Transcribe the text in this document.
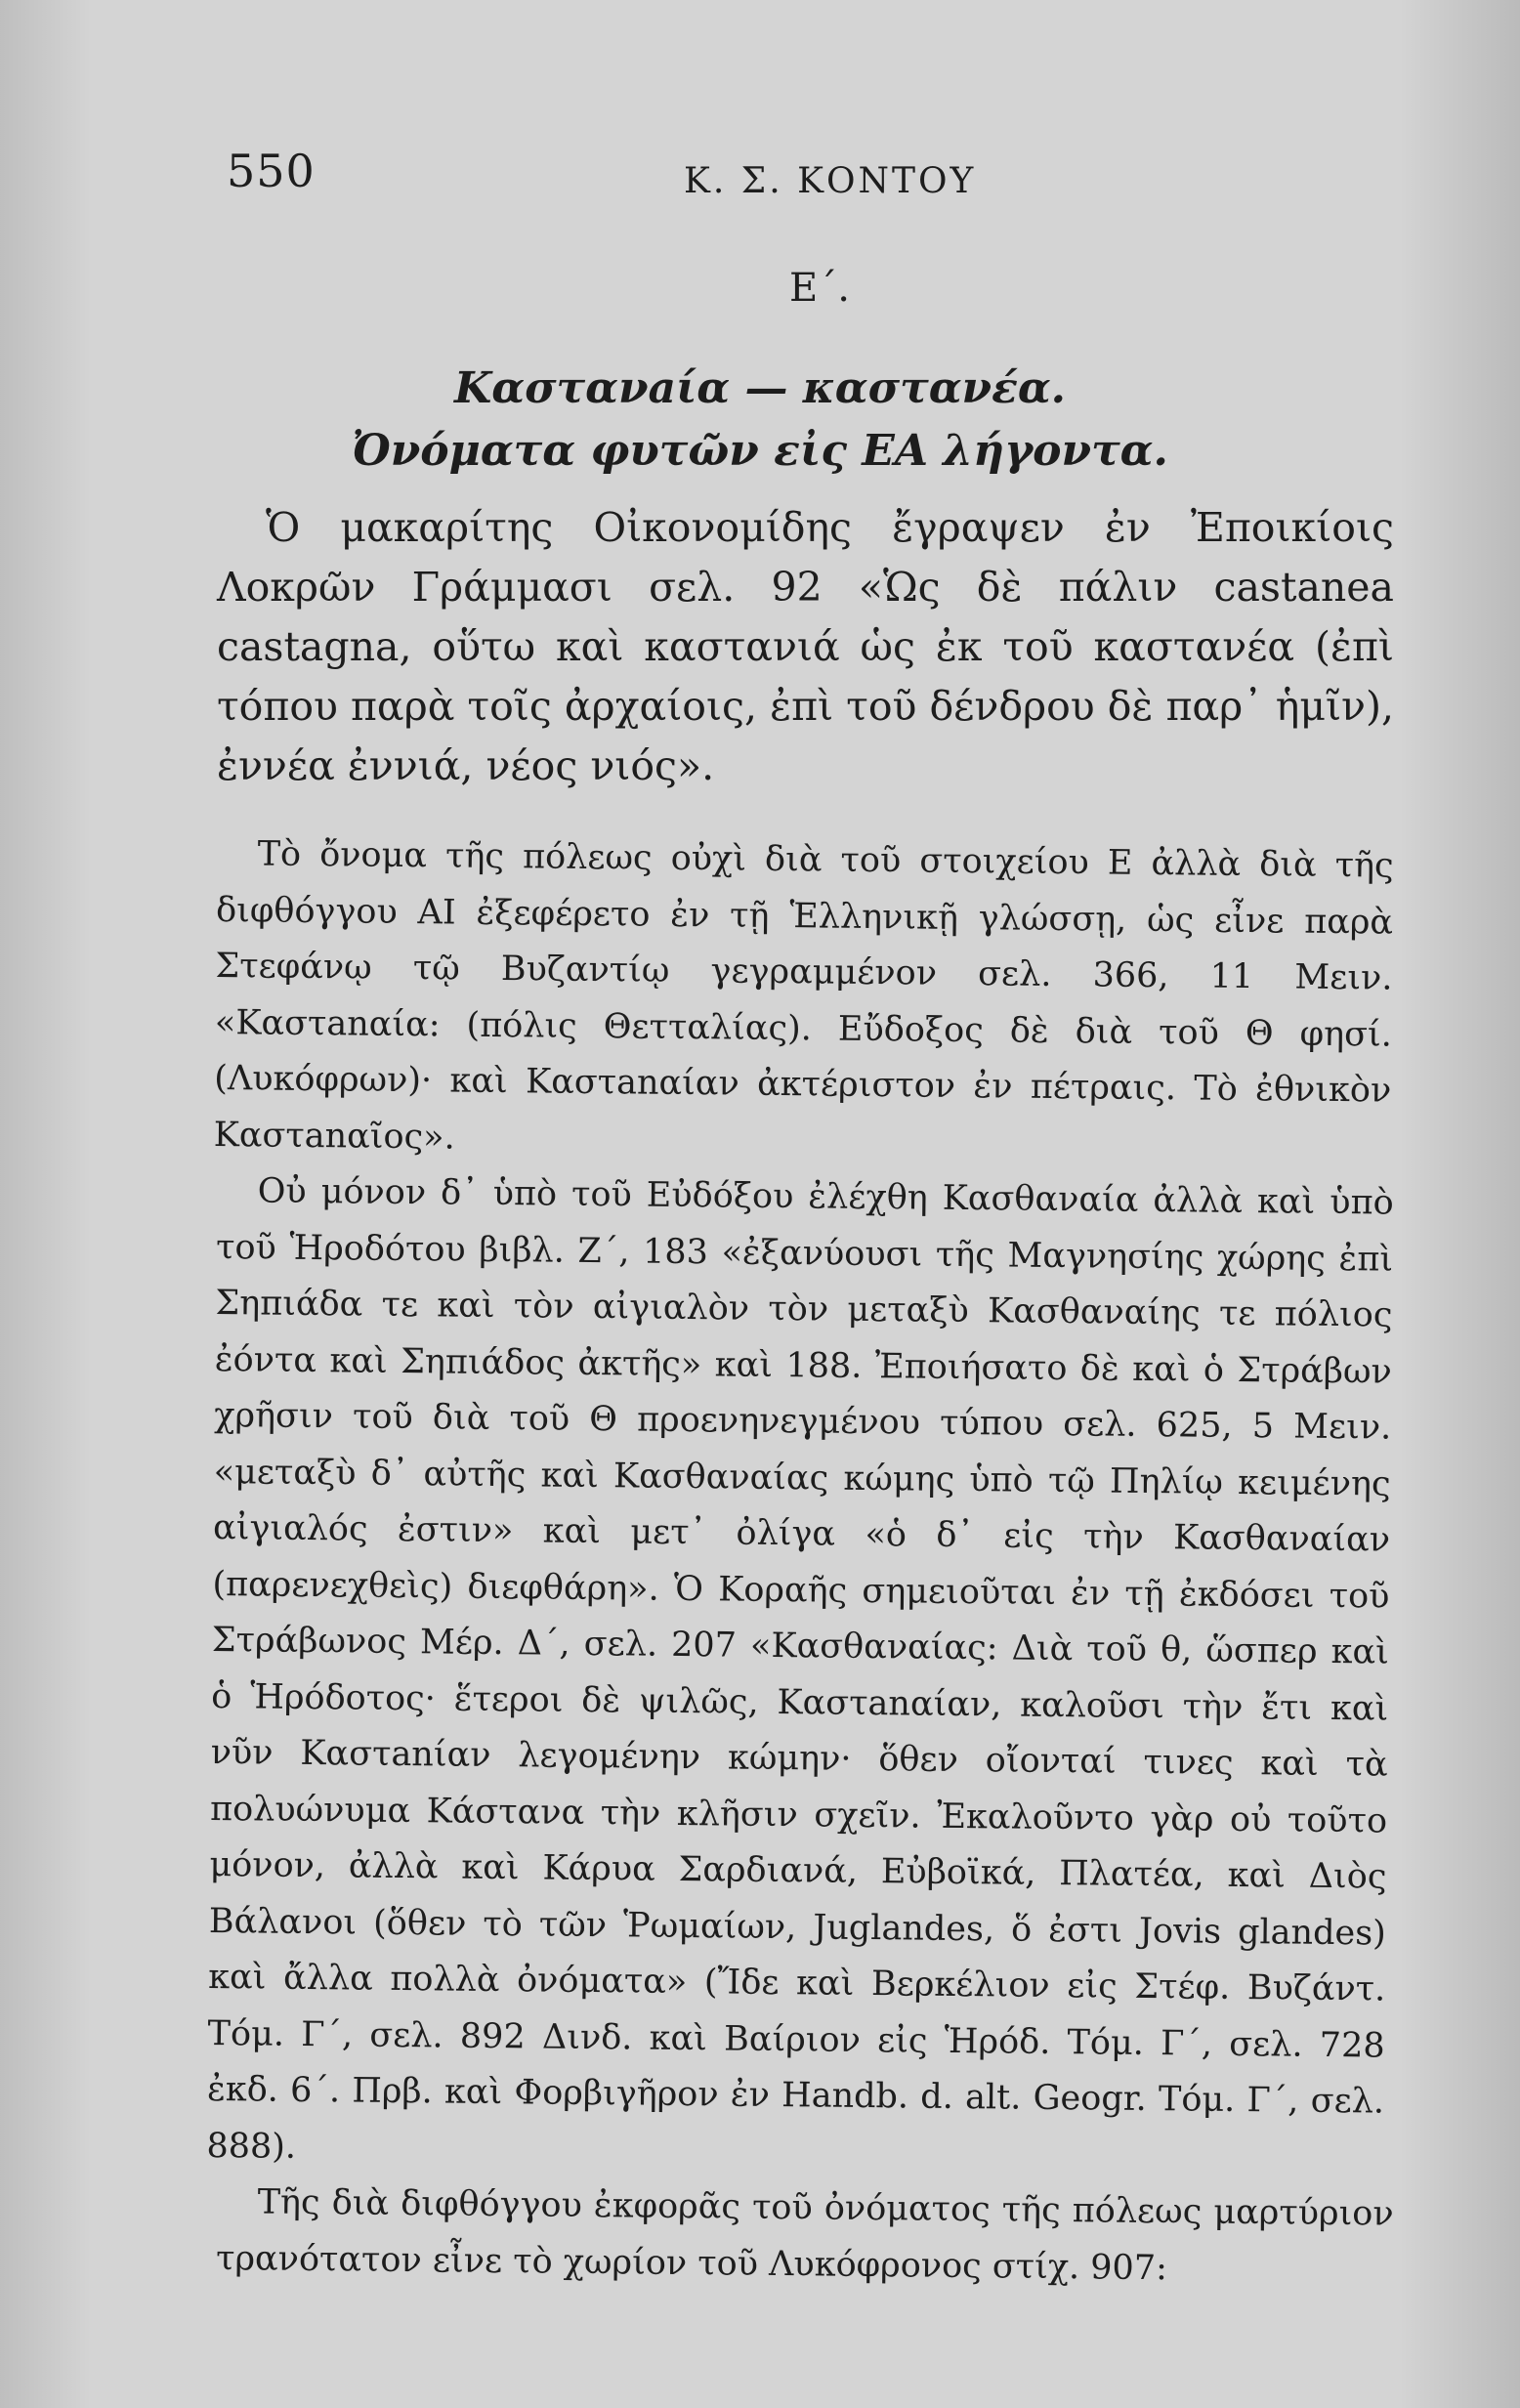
550	Κ. Σ. ΚΟΝΤΟΥ
Ε΄.
Καστανaία — καστανέα.
Ὀνόματα φυτῶν εἰς ΕΑ λήγοντα.

Ὁ μακαρίτης Οἰκονομίδης ἔγραψεν ἐν Ἐποικίοις Λοκρῶν Γράμμασι σελ. 92 «Ὡς δὲ πάλιν castanea castagna, οὕτω καὶ καστανιά ὡς ἐκ τοῦ καστανέα (ἐπὶ τόπου παρὰ τοῖς ἀρχαίοις, ἐπὶ τοῦ δένδρου δὲ παρ᾽ ἡμῖν), ἐννέα ἐννιά, νέος νιός».

Τὸ ὄνομα τῆς πόλεως οὐχὶ διὰ τοῦ στοιχείου Ε ἀλλὰ διὰ τῆς διφθόγγου ΑΙ ἐξεφέρετο ἐν τῇ Ἑλληνικῇ γλώσσῃ, ὡς εἶνε παρὰ Στεφάνῳ τῷ Βυζαντίῳ γεγραμμένον σελ. 366, 11 Μειν. «Καστanαία: (πόλις Θετταλίας). Εὔδοξος δὲ διὰ τοῦ Θ φησί. (Λυκόφρων)· καὶ Καστanαίαν ἀκτέριστον ἐν πέτραις. Τὸ ἐθνικὸν Καστanαῖος».

Οὐ μόνον δ᾽ ὑπὸ τοῦ Εὐδόξου ἐλέχθη Κασθαναία ἀλλὰ καὶ ὑπὸ τοῦ Ἡροδότου βιβλ. Ζ΄, 183 «ἐξανύουσι τῆς Μαγνησίης χώρης ἐπὶ Σηπιάδα τε καὶ τὸν αἰγιαλὸν τὸν μεταξὺ Κασθαναίης τε πόλιος ἐόντα καὶ Σηπιάδος ἀκτῆς» καὶ 188. Ἐποιήσατο δὲ καὶ ὁ Στράβων χρῆσιν τοῦ διὰ τοῦ Θ προενηνεγμένου τύπου σελ. 625, 5 Μειν. «μεταξὺ δ᾽ αὐτῆς καὶ Κασθαναίας κώμης ὑπὸ τῷ Πηλίῳ κειμένης αἰγιαλός ἐστιν» καὶ μετ᾽ ὀλίγα «ὁ δ᾽ εἰς τὴν Κασθαναίαν (παρενεχθεὶς) διεφθάρη». Ὁ Κοραῆς σημειοῦται ἐν τῇ ἐκδόσει τοῦ Στράβωνος Μέρ. Δ΄, σελ. 207 «Κασθαναίας: Διὰ τοῦ θ, ὥσπερ καὶ ὁ Ἡρόδοτος· ἕτεροι δὲ ψιλῶς, Καστanαίαν, καλοῦσι τὴν ἔτι καὶ νῦν Καστanίαν λεγομένην κώμην· ὅθεν οἴονταί τινες καὶ τὰ πολυώνυμα Κάστανα τὴν κλῆσιν σχεῖν. Ἐκαλοῦντο γὰρ οὐ τοῦτο μόνον, ἀλλὰ καὶ Κάρυα Σαρδιανά, Εὐβοϊκά, Πλατέα, καὶ Διὸς Βάλανοι (ὅθεν τὸ τῶν Ῥωμαίων, Juglandes, ὅ ἐστι Jovis glandes) καὶ ἄλλα πολλὰ ὀνόματα» (Ἴδε καὶ Βερκέλιον εἰς Στέφ. Βυζάντ. Τόμ. Γ΄, σελ. 892 Δινδ. καὶ Βαίριον εἰς Ἡρόδ. Τόμ. Γ΄, σελ. 728 ἐκδ. 6΄. Πρβ. καὶ Φορβιγῆρον ἐν Handb. d. alt. Geogr. Τόμ. Γ΄, σελ. 888).

Τῆς διὰ διφθόγγου ἐκφορᾶς τοῦ ὀνόματος τῆς πόλεως μαρτύριον τρανότατον εἶνε τὸ χωρίον τοῦ Λυκόφρονος στίχ. 907:
